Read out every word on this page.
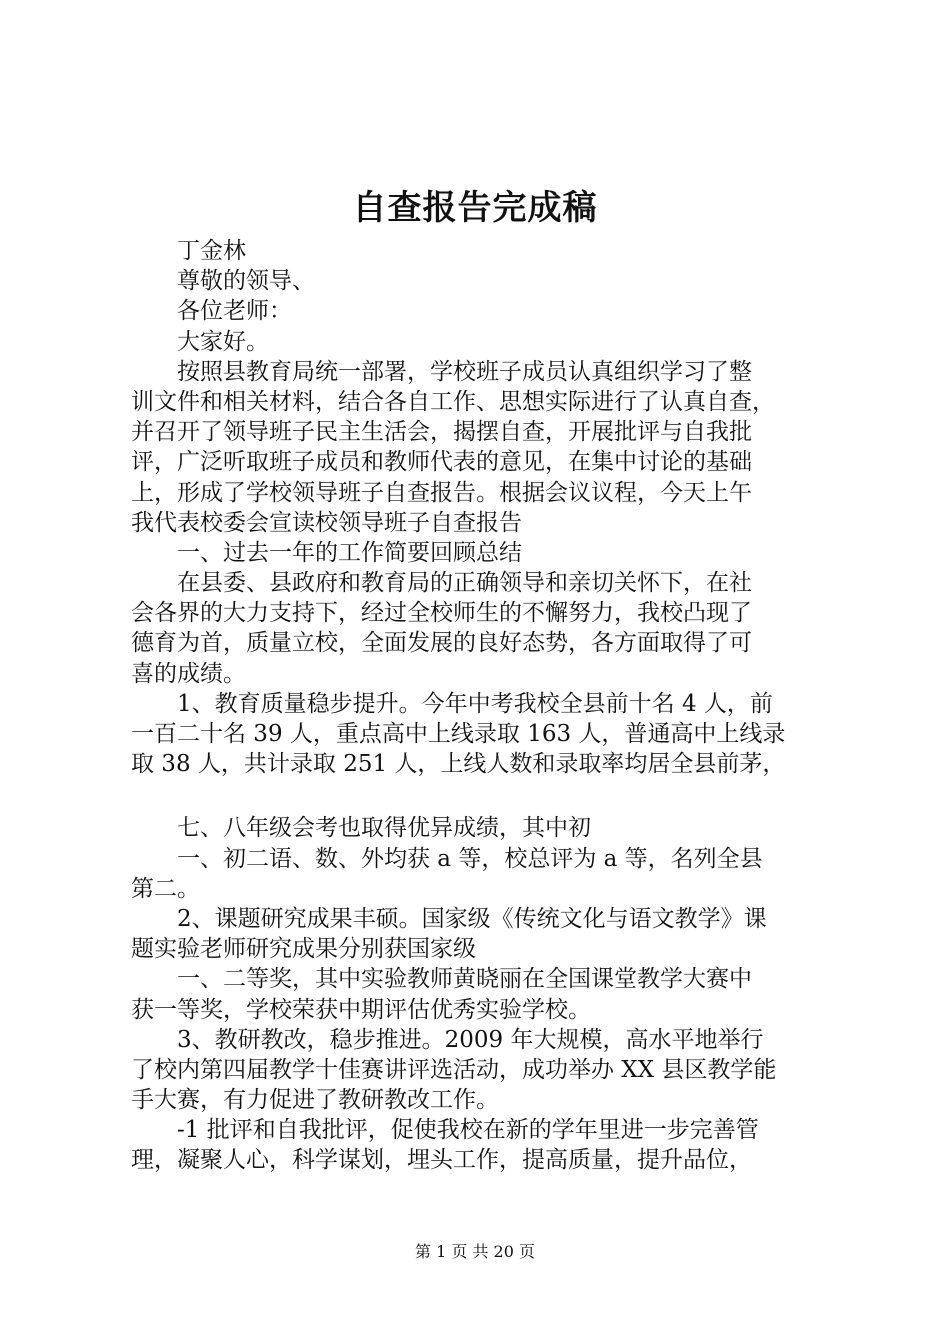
自查报告完成稿
　　丁金林
　　尊敬的领导、
　　各位老师：
　　大家好。
　　按照县教育局统一部署，学校班子成员认真组织学习了整
训文件和相关材料，结合各自工作、思想实际进行了认真自查，
并召开了领导班子民主生活会，揭摆自查，开展批评与自我批
评，广泛听取班子成员和教师代表的意见，在集中讨论的基础
上，形成了学校领导班子自查报告。根据会议议程，今天上午
我代表校委会宣读校领导班子自查报告
　　一、过去一年的工作简要回顾总结
　　在县委、县政府和教育局的正确领导和亲切关怀下，在社
会各界的大力支持下，经过全校师生的不懈努力，我校凸现了
德育为首，质量立校，全面发展的良好态势，各方面取得了可
喜的成绩。
　　1、教育质量稳步提升。今年中考我校全县前十名 4 人，前
一百二十名 39 人，重点高中上线录取 163 人，普通高中上线录
取 38 人，共计录取 251 人，上线人数和录取率均居全县前茅，
　　七、八年级会考也取得优异成绩，其中初
　　一、初二语、数、外均获 a 等，校总评为 a 等，名列全县
第二。
　　2、课题研究成果丰硕。国家级《传统文化与语文教学》课
题实验老师研究成果分别获国家级
　　一、二等奖，其中实验教师黄晓丽在全国课堂教学大赛中
获一等奖，学校荣获中期评估优秀实验学校。
　　3、教研教改，稳步推进。2009 年大规模，高水平地举行
了校内第四届教学十佳赛讲评选活动，成功举办 XX 县区教学能
手大赛，有力促进了教研教改工作。
　　-1 批评和自我批评，促使我校在新的学年里进一步完善管
理，凝聚人心，科学谋划，埋头工作，提高质量，提升品位，
第 1 页 共 20 页
